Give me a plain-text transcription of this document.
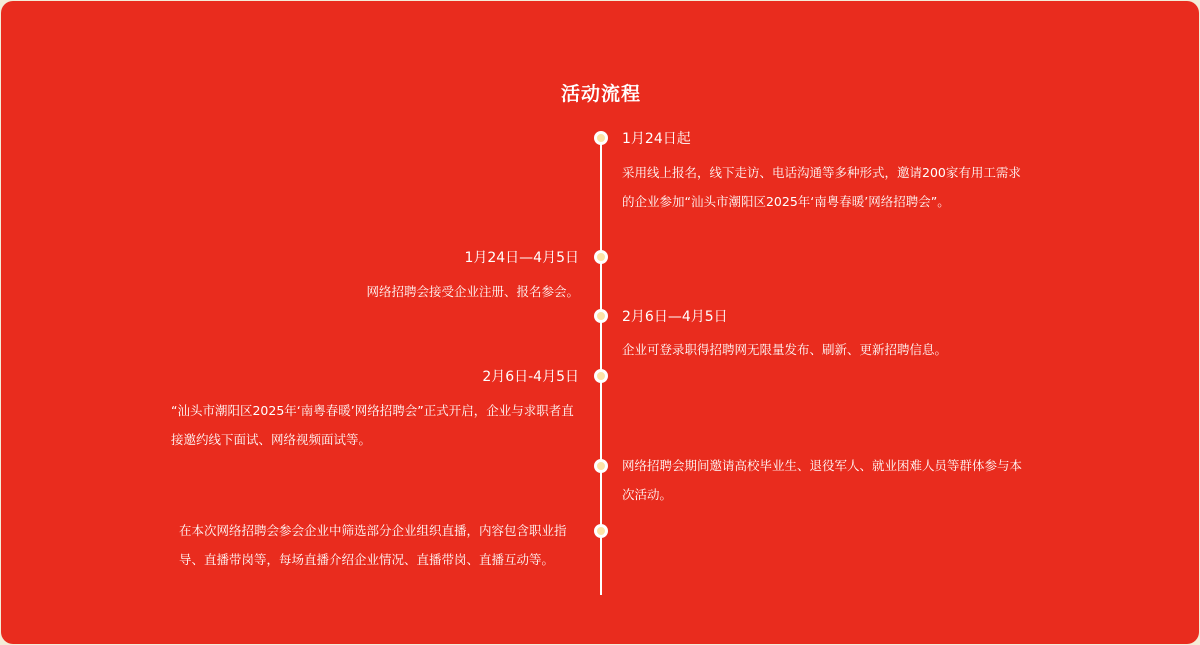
活动流程
1月24日起
采用线上报名，线下走访、电话沟通等多种形式，邀请200家有用工需求的企业参加“汕头市潮阳区2025年‘南粤春暖’网络招聘会”。
1月24日—4月5日
网络招聘会接受企业注册、报名参会。
2月6日—4月5日
企业可登录职得招聘网无限量发布、刷新、更新招聘信息。
2月6日-4月5日
“汕头市潮阳区2025年‘南粤春暖’网络招聘会”正式开启，企业与求职者直接邀约线下面试、网络视频面试等。
网络招聘会期间邀请高校毕业生、退役军人、就业困难人员等群体参与本次活动。
在本次网络招聘会参会企业中筛选部分企业组织直播，内容包含职业指导、直播带岗等，每场直播介绍企业情况、直播带岗、直播互动等。
